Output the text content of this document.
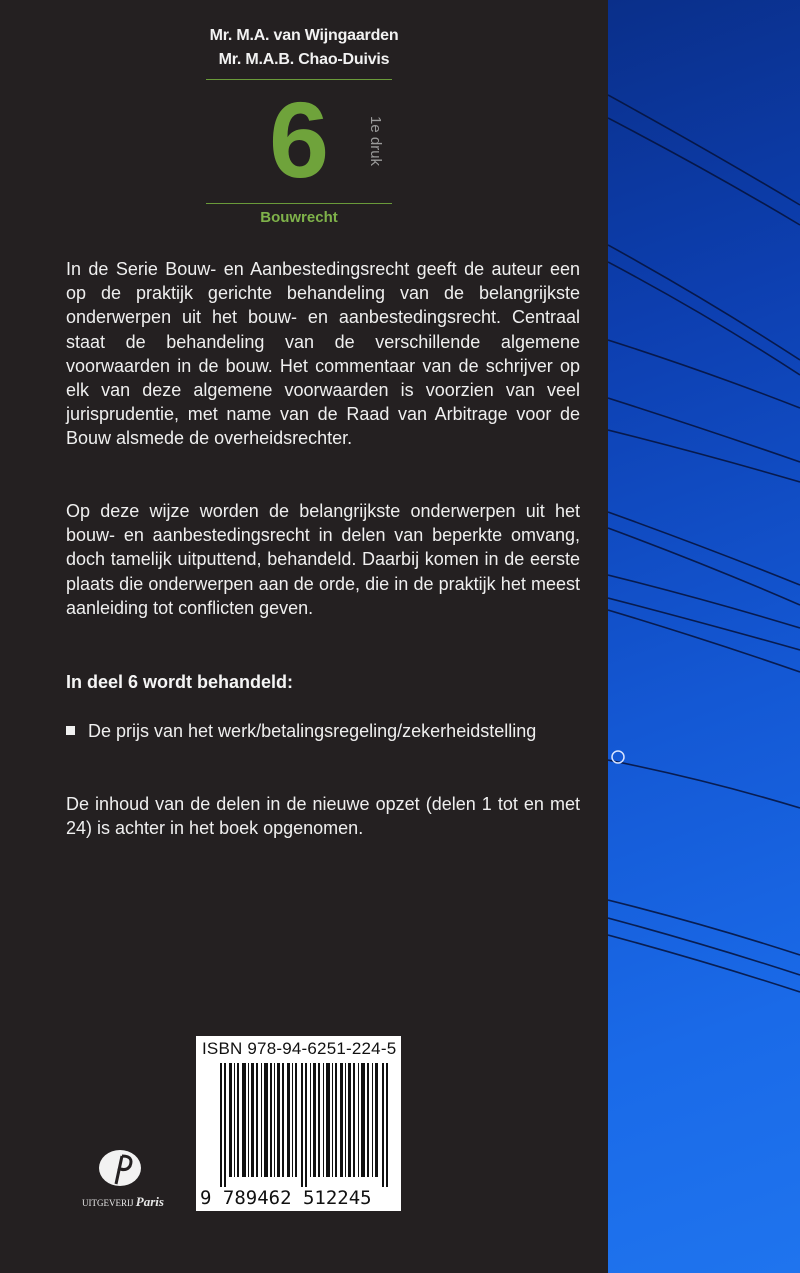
Mr. M.A. van Wijngaarden
Mr. M.A.B. Chao-Duivis
6	1e druk
Bouwrecht

In de Serie Bouw- en Aanbestedingsrecht geeft de auteur een op de praktijk gerichte behandeling van de belangrijkste onderwerpen uit het bouw- en aanbestedingsrecht. Centraal staat de behandeling van de verschillende algemene voorwaarden in de bouw. Het commentaar van de schrijver op elk van deze algemene voorwaarden is voorzien van veel jurisprudentie, met name van de Raad van Arbitrage voor de Bouw alsmede de overheidsrechter.

Op deze wijze worden de belangrijkste onderwerpen uit het bouw- en aanbestedingsrecht in delen van beperkte omvang, doch tamelijk uitputtend, behandeld. Daarbij komen in de eerste plaats die onderwerpen aan de orde, die in de praktijk het meest aanleiding tot conflicten geven.

In deel 6 wordt behandeld:
De prijs van het werk/betalingsregeling/zekerheidstelling

De inhoud van de delen in de nieuwe opzet (delen 1 tot en met 24) is achter in het boek opgenomen.

ISBN 978-94-6251-224-5
9 789462 512245
UITGEVERIJ Paris
